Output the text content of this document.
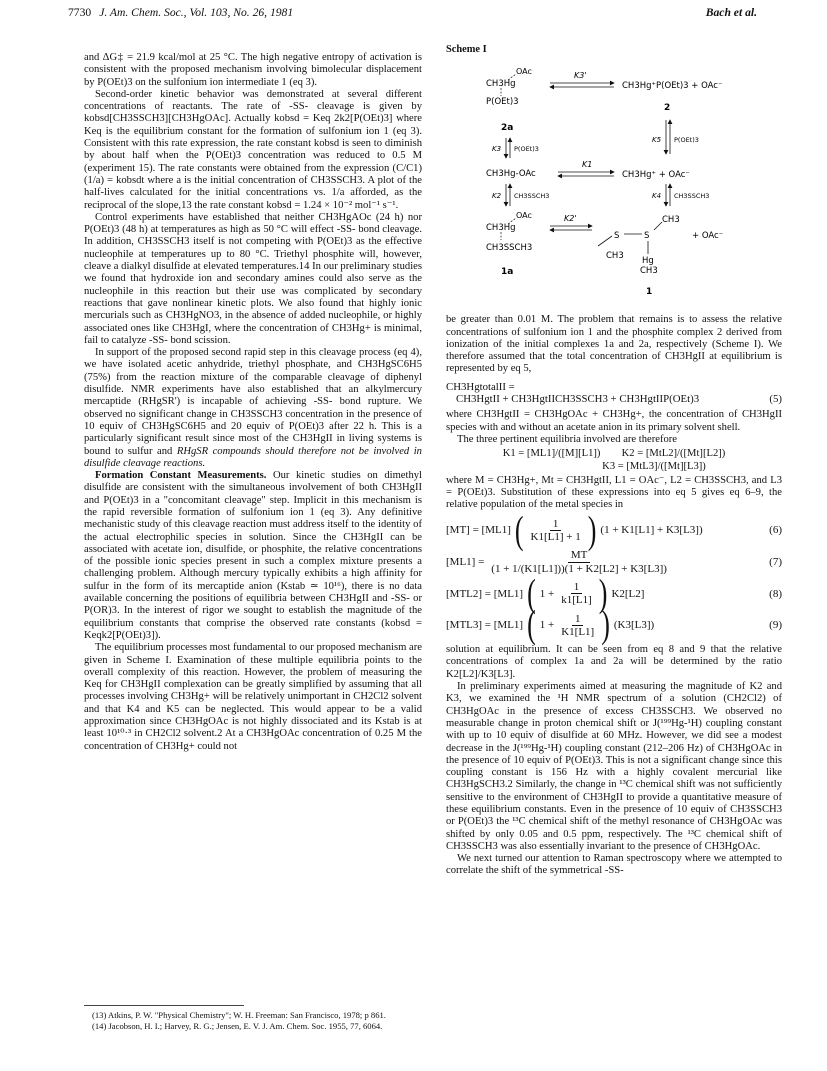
7730 J. Am. Chem. Soc., Vol. 103, No. 26, 1981	Bach et al.

and ΔG‡ = 21.9 kcal/mol at 25 °C. The high negative entropy of activation is consistent with the proposed mechanism involving bimolecular displacement by P(OEt)3 on the sulfonium ion intermediate 1 (eq 3).

Second-order kinetic behavior was demonstrated at several different concentrations of reactants. The rate of -SS- cleavage is given by kobsd[CH3SSCH3][CH3HgOAc]. Actually kobsd = Keq 2k2[P(OEt)3] where Keq is the equilibrium constant for the formation of sulfonium ion 1 (eq 3). Consistent with this rate expression, the rate constant kobsd is seen to diminish by about half when the P(OEt)3 concentration was reduced to 0.5 M (experiment 15). The rate constants were obtained from the expression (C/C1)(1/a) = kobsdt where a is the initial concentration of CH3SSCH3. A plot of the half-lives calculated for the initial concentrations vs. 1/a afforded, as the reciprocal of the slope,13 the rate constant kobsd = 1.24 × 10⁻² mol⁻¹ s⁻¹.

Control experiments have established that neither CH3HgAOc (24 h) nor P(OEt)3 (48 h) at temperatures as high as 50 °C will effect -SS- bond cleavage. In addition, CH3SSCH3 itself is not competing with P(OEt)3 as the effective nucleophile at temperatures up to 80 °C. Triethyl phosphite will, however, cleave a dialkyl disulfide at elevated temperatures.14 In our preliminary studies we found that hydroxide ion and secondary amines could also serve as the nucleophile in this reaction but their use was complicated by secondary reactions that gave nonlinear kinetic plots. We also found that highly ionic mercurials such as CH3HgNO3, in the absence of added nucleophile, or highly associated ones like CH3HgI, where the concentration of CH3Hg+ is minimal, fail to catalyze -SS- bond scission.

In support of the proposed second rapid step in this cleavage process (eq 4), we have isolated acetic anhydride, triethyl phosphate, and CH3HgSC6H5 (75%) from the reaction mixture of the comparable cleavage of diphenyl disulfide. NMR experiments have also established that an alkylmercury mercaptide (RHgSR') is incapable of achieving -SS- bond rupture. We observed no significant change in CH3SSCH3 concentration in the presence of 10 equiv of CH3HgSC6H5 and 20 equiv of P(OEt)3 after 22 h. This is a particularly significant result since most of the CH3HgII in living systems is bound to sulfur and RHgSR compounds should therefore not be involved in disulfide cleavage reactions.

Formation Constant Measurements. Our kinetic studies on dimethyl disulfide are consistent with the simultaneous involvement of both CH3HgII and P(OEt)3 in a "concomitant cleavage" step. Implicit in this mechanism is the rapid reversible formation of sulfonium ion 1 (eq 3). Any definitive mechanistic study of this cleavage reaction must address itself to the identity of the actual electrophilic species in solution. Since the CH3HgII can be associated with acetate ion, disulfide, or phosphite, the relative concentrations of the possible ionic species present in such a complex mixture presents a challenging problem. Although mercury typically exhibits a high affinity for sulfur in the form of its mercaptide anion (Kstab ≃ 10¹⁶), there is no data available concerning the positions of equilibria between CH3HgII and -SS- or P(OR)3. In the interest of rigor we sought to establish the magnitude of the equilibrium constants that comprise the observed rate constants (kobsd = Keqk2[P(OEt)3]).

The equilibrium processes most fundamental to our proposed mechanism are given in Scheme I. Examination of these multiple equilibria points to the overall complexity of this reaction. However, the problem of measuring the Keq for CH3HgII complexation can be greatly simplified by assuming that all processes involving CH3Hg+ will be relatively unimportant in CH2Cl2 solvent and that K4 and K5 can be neglected. This would appear to be a valid approximation since CH3HgOAc is not highly dissociated and its Kstab is at least 10¹⁰·³ in CH2Cl2 solvent.2 At a CH3HgOAc concentration of 0.25 M the concentration of CH3Hg+ could not

(13) Atkins, P. W. "Physical Chemistry"; W. H. Freeman: San Francisco, 1978; p 861.

(14) Jacobson, H. I.; Harvey, R. G.; Jensen, E. V. J. Am. Chem. Soc. 1955, 77, 6064.

Scheme I
CH3Hg
OAc
P(OEt)3
2a
K3'
CH3Hg⁺P(OEt)3 + OAc⁻
2
K3 P(OEt)3
K5 P(OEt)3
CH3Hg-OAc
K1
CH3Hg⁺ + OAc⁻
K2 CH3SSCH3	K4 CH3SSCH3
CH3Hg
OAc
CH3SSCH3
1a
K2'
CH3
S	S
CH3
Hg
CH3
+ OAc⁻
1

be greater than 0.01 M. The problem that remains is to assess the relative concentrations of sulfonium ion 1 and the phosphite complex 2 derived from ionization of the initial complexes 1a and 2a, respectively (Scheme I). We therefore assumed that the total concentration of CH3HgII at equilibrium is represented by eq 5,

CH3HgtotalII =
CH3HgtII + CH3HgtIICH3SSCH3 + CH3HgtIIP(OEt)3	(5)

where CH3HgtII = CH3HgOAc + CH3Hg+, the concentration of CH3HgII species with and without an acetate anion in its primary solvent shell.

The three pertinent equilibria involved are therefore

K1 = [ML1]/([M][L1])        K2 = [MtL2]/([Mt][L2])
K3 = [MtL3]/([Mt][L3])

where M = CH3Hg+, Mt = CH3HgtII, L1 = OAc⁻, L2 = CH3SSCH3, and L3 = P(OEt)3. Substitution of these expressions into eq 5 gives eq 6–9, the relative population of the metal species in

[MT] = [ML1] ( $\frac{1}{K1[L1] + 1}$ ) (1 + K1[L1] + K3[L3])	(6)
$[ML1] = \frac{MT}{(1 + 1/(K1[L1]))(1 + K2[L2] + K3[L3])}$	(7)
[MTL2] = [ML1] ( $1 + \frac{1}{k1[L1]}$ ) K2[L2]	(8)
[MTL3] = [ML1] ( $1 + \frac{1}{K1[L1]}$ ) (K3[L3])	(9)

solution at equilibrium. It can be seen from eq 8 and 9 that the relative concentrations of complex 1a and 2a will be determined by the ratio K2[L2]/K3[L3].

In preliminary experiments aimed at measuring the magnitude of K2 and K3, we examined the ¹H NMR spectrum of a solution (CH2Cl2) of CH3HgOAc in the presence of excess CH3SSCH3. We observed no measurable change in proton chemical shift or J(¹⁹⁹Hg-¹H) coupling constant with up to 10 equiv of disulfide at 60 MHz. However, we did see a modest decrease in the J(¹⁹⁹Hg-¹H) coupling constant (212–206 Hz) of CH3HgOAc in the presence of 10 equiv of P(OEt)3. This is not a significant change since this coupling constant is 156 Hz with a highly covalent mercurial like CH3HgSCH3.2 Similarly, the change in ¹³C chemical shift was not sufficiently sensitive to the environment of CH3HgII to provide a quantitative measure of these equilibrium constants. Even in the presence of 10 equiv of CH3SSCH3 or P(OEt)3 the ¹³C chemical shift of the methyl resonance of CH3HgOAc was shifted by only 0.05 and 0.5 ppm, respectively. The ¹³C chemical shift of CH3SSCH3 was also essentially invariant to the presence of CH3HgOAc.

We next turned our attention to Raman spectroscopy where we attempted to correlate the shift of the symmetrical -SS-
